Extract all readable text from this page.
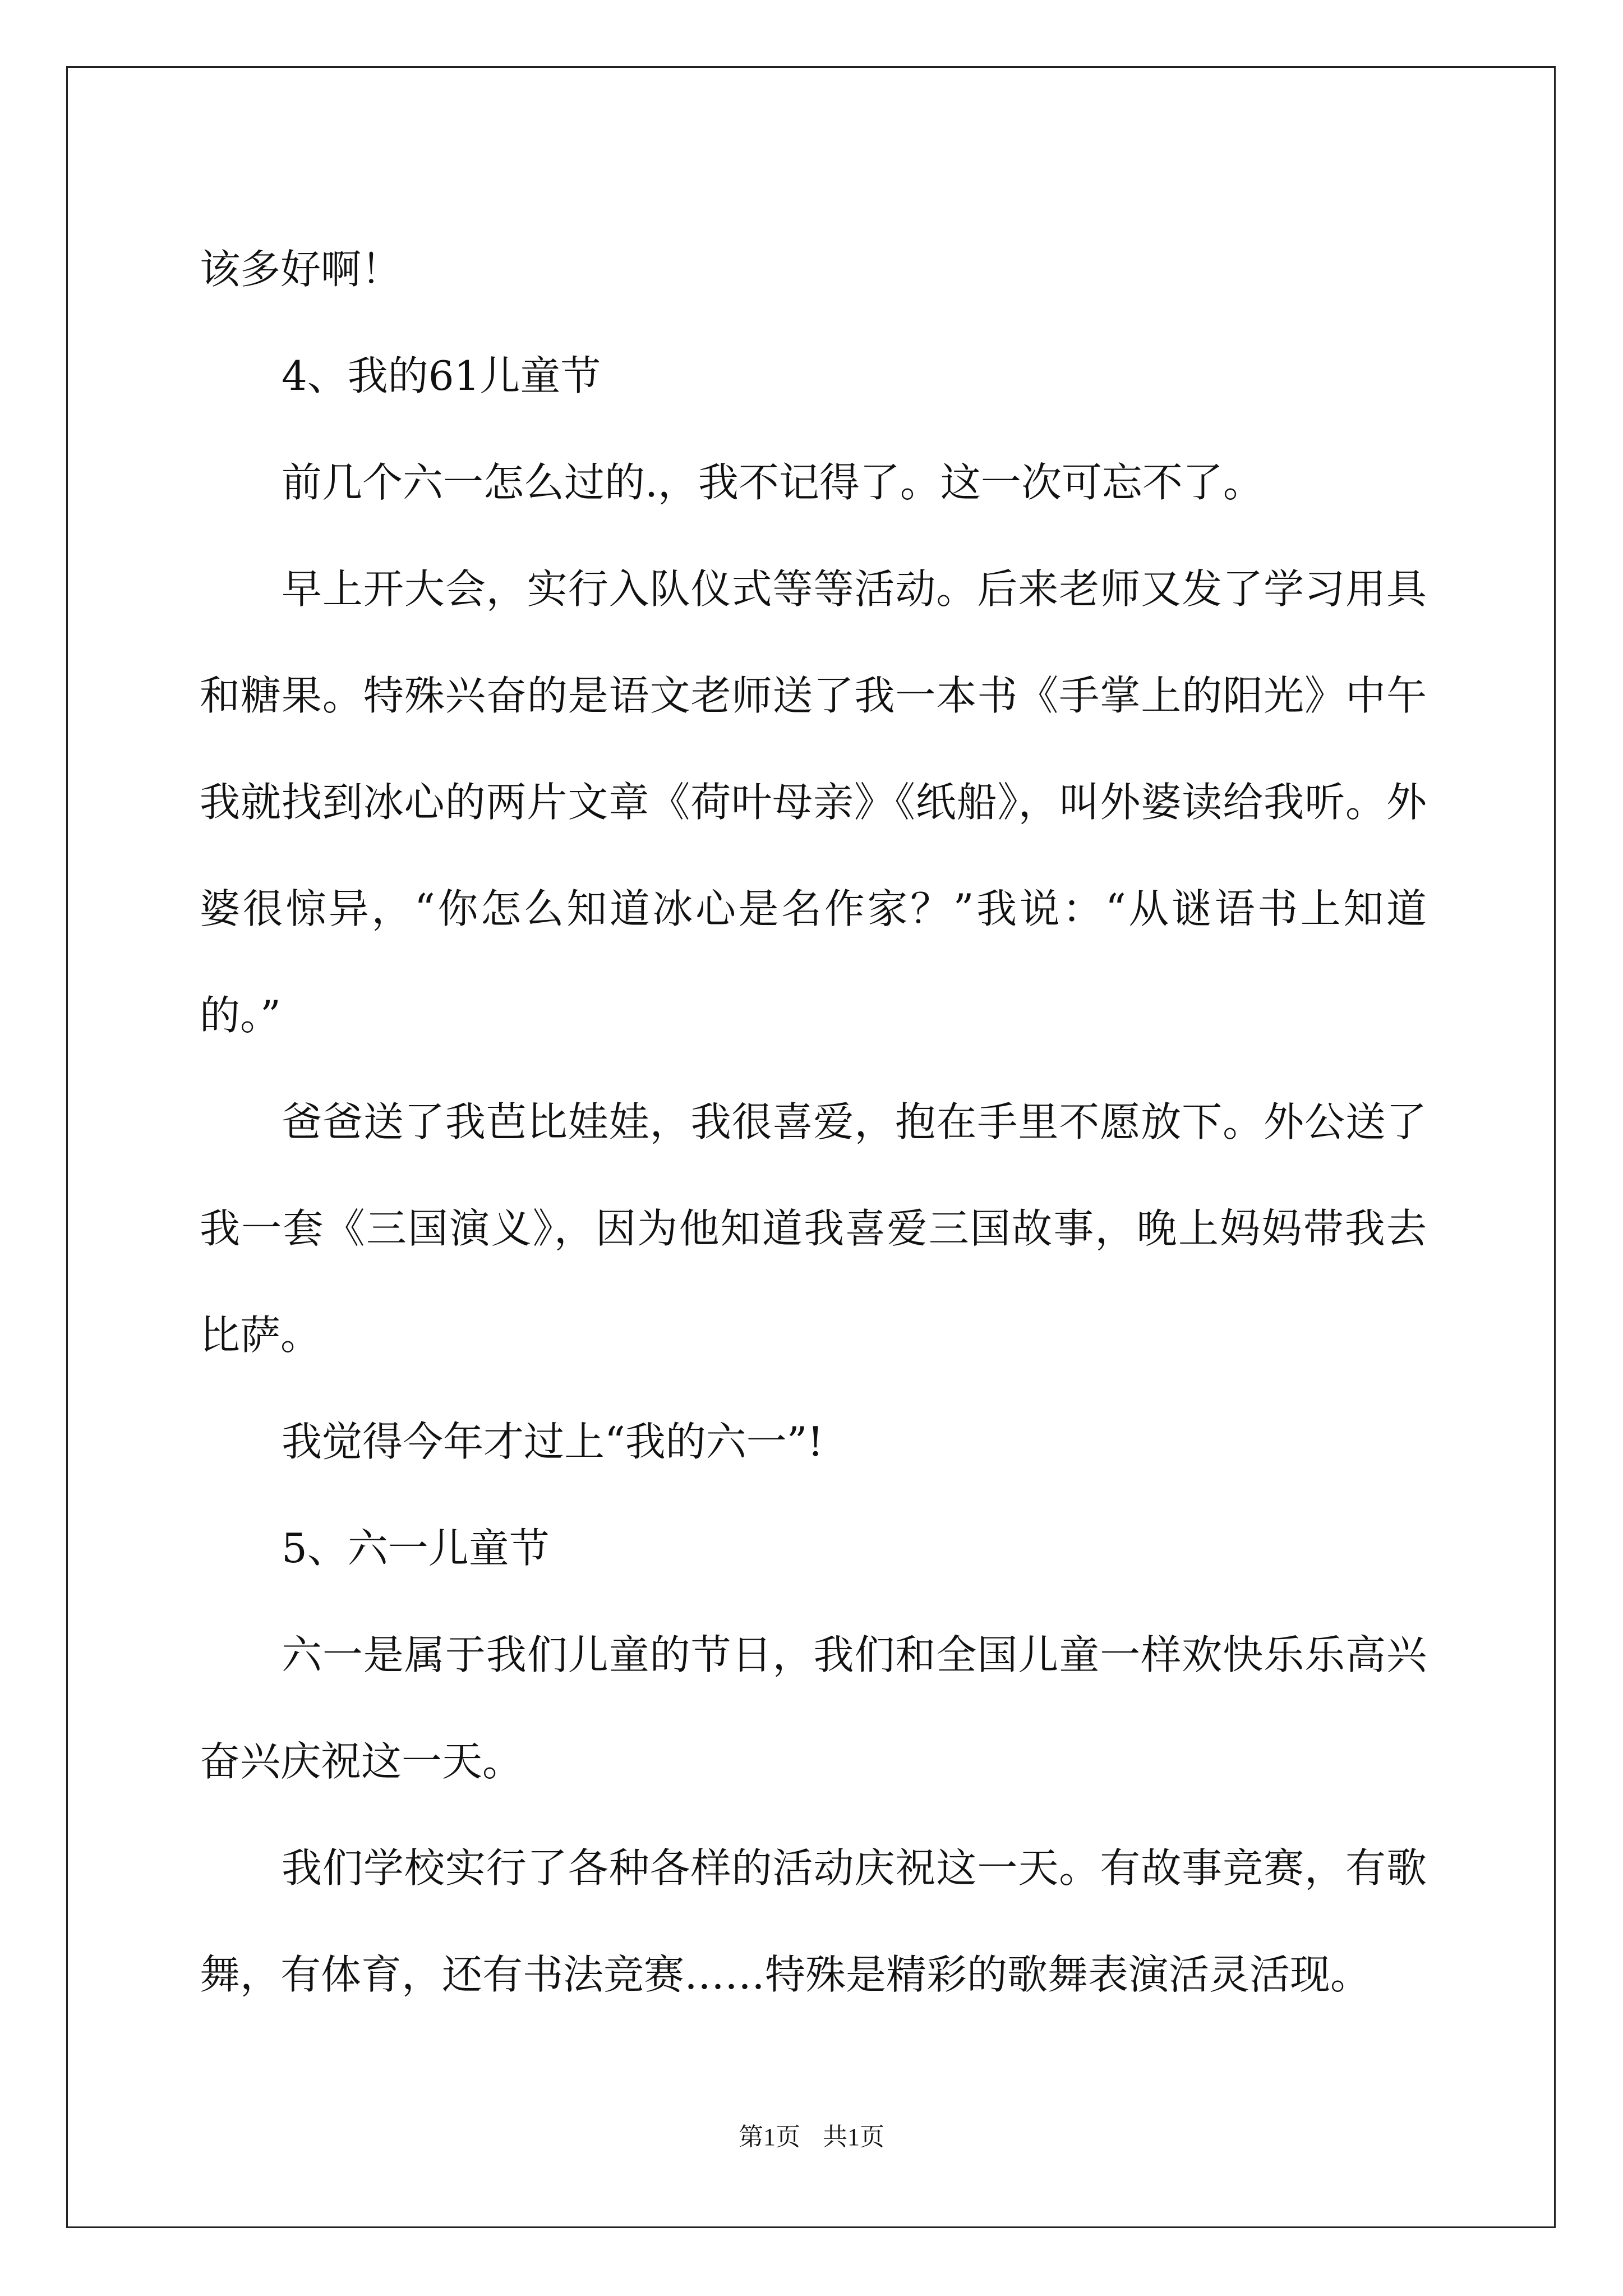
该多好啊！
4、我的61儿童节
前几个六一怎么过的.，我不记得了。这一次可忘不了。
早上开大会，实行入队仪式等等活动。后来老师又发了学习用具
和糖果。特殊兴奋的是语文老师送了我一本书《手掌上的阳光》中午
我就找到冰心的两片文章《荷叶母亲》《纸船》，叫外婆读给我听。外
婆很惊异，“你怎么知道冰心是名作家？”我说：“从谜语书上知道
的。”
爸爸送了我芭比娃娃，我很喜爱，抱在手里不愿放下。外公送了
我一套《三国演义》，因为他知道我喜爱三国故事，晚上妈妈带我去
比萨。
我觉得今年才过上“我的六一”!
5、六一儿童节
六一是属于我们儿童的节日，我们和全国儿童一样欢快乐乐高兴
奋兴庆祝这一天。
我们学校实行了各种各样的活动庆祝这一天。有故事竞赛，有歌
舞，有体育，还有书法竞赛……特殊是精彩的歌舞表演活灵活现。
第1页 共1页
